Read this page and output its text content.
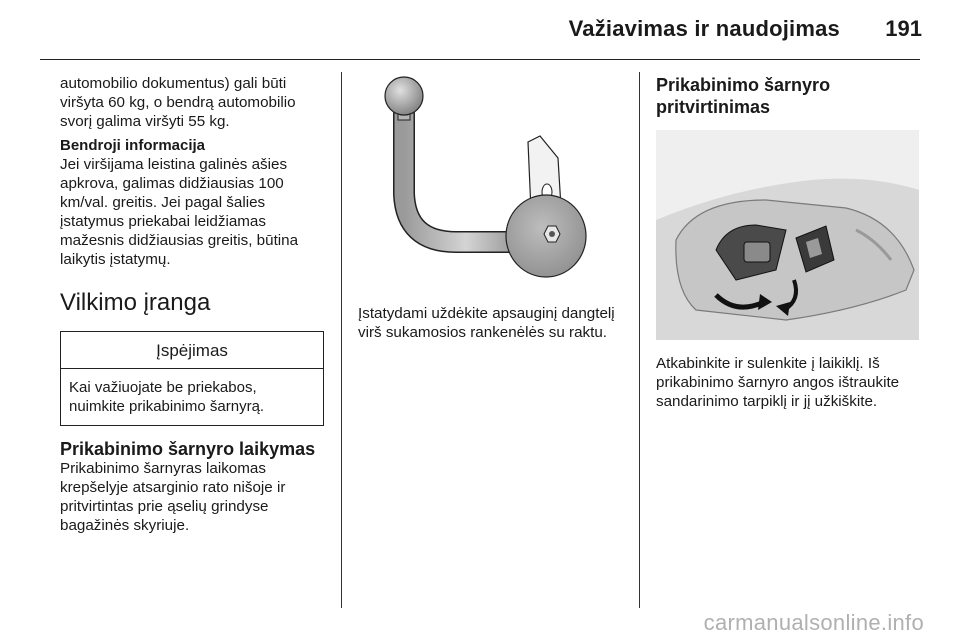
Važiavimas ir naudojimas 191

automobilio dokumentus) gali būti viršyta 60 kg, o bendrą automobilio svorį galima viršyti 55 kg.

Bendroji informacija

Jei viršijama leistina galinės ašies apkrova, galimas didžiausias 100 km/val. greitis. Jei pagal šalies įstatymus priekabai leidžiamas mažesnis didžiausias greitis, būtina laikytis įstatymų.

Vilkimo įranga
Įspėjimas
Kai važiuojate be priekabos, nuimkite prikabinimo šarnyrą.

Prikabinimo šarnyro laikymas

Prikabinimo šarnyras laikomas krepšelyje atsarginio rato nišoje ir pritvirtintas prie ąselių grindyse bagažinės skyriuje.

Įstatydami uždėkite apsauginį dangtelį virš sukamosios rankenėlės su raktu.

Prikabinimo šarnyro pritvirtinimas

Atkabinkite ir sulenkite į laikiklį. Iš prikabinimo šarnyro angos ištraukite sandarinimo tarpiklį ir jį užkiškite.

carmanualsonline.info
